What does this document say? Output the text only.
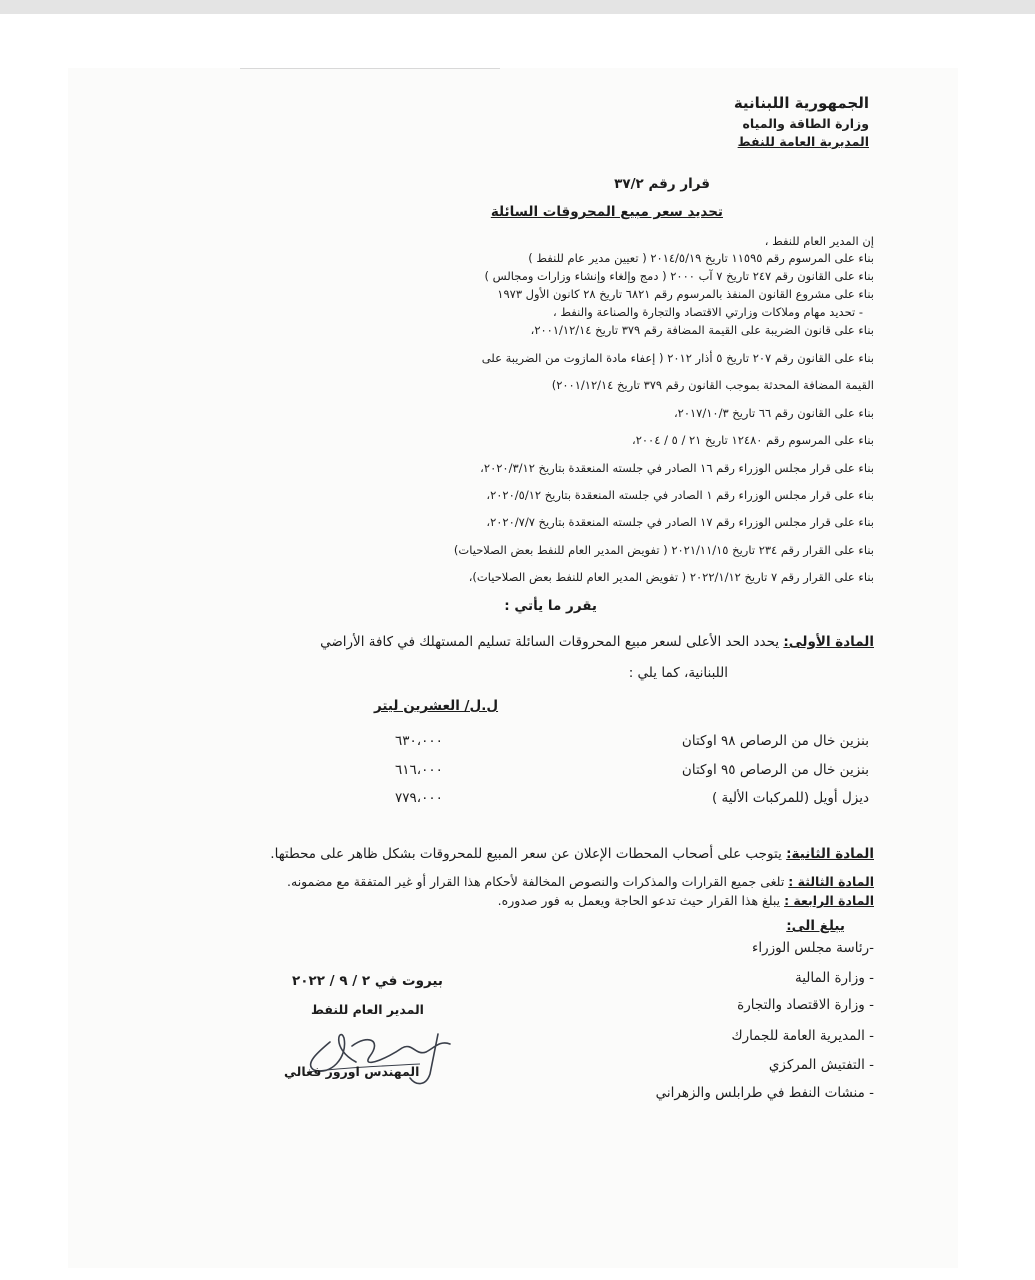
الجمهورية اللبنانية

وزارة الطاقة والمياه

المديرية العامة للنفط

قرار رقم ٣٧/٢

تحديد سعر مبيع المحروقات السائلة

إن المدير العام للنفط ،

بناء على المرسوم رقم ١١٥٩٥ تاريخ ٢٠١٤/٥/١٩ ( تعيين مدير عام للنفط )

بناء على القانون رقم ٢٤٧ تاريخ ٧ آب ٢٠٠٠ ( دمج وإلغاء وإنشاء وزارات ومجالس )

بناء على مشروع القانون المنفذ بالمرسوم رقم ٦٨٢١ تاريخ ٢٨ كانون الأول ١٩٧٣

- تحديد مهام وملاكات وزارتي الاقتصاد والتجارة والصناعة والنفط ،

بناء على قانون الضريبة على القيمة المضافة رقم ٣٧٩ تاريخ ٢٠٠١/١٢/١٤،

بناء على القانون رقم ٢٠٧ تاريخ ٥ أذار ٢٠١٢ ( إعفاء مادة المازوت من الضريبة على

القيمة المضافة المحدثة بموجب القانون رقم ٣٧٩ تاريخ ٢٠٠١/١٢/١٤)

بناء على القانون رقم ٦٦ تاريخ ٢٠١٧/١٠/٣،

بناء على المرسوم رقم ١٢٤٨٠ تاريخ ٢١ / ٥ / ٢٠٠٤،

بناء على قرار مجلس الوزراء رقم ١٦ الصادر في جلسته المنعقدة بتاريخ ٢٠٢٠/٣/١٢،

بناء على قرار مجلس الوزراء رقم ١ الصادر في جلسته المنعقدة بتاريخ ٢٠٢٠/٥/١٢،

بناء على قرار مجلس الوزراء رقم ١٧ الصادر في جلسته المنعقدة بتاريخ ٢٠٢٠/٧/٧،

بناء على القرار رقم ٢٣٤ تاريخ ٢٠٢١/١١/١٥ ( تفويض المدير العام للنفط بعض الصلاحيات)

بناء على القرار رقم ٧ تاريخ ٢٠٢٢/١/١٢ ( تفويض المدير العام للنفط بعض الصلاحيات)،

يقرر ما يأتي :

المادة الأولى: يحدد الحد الأعلى لسعر مبيع المحروقات السائلة تسليم المستهلك في كافة الأراضي

اللبنانية، كما يلي :

ل.ل/ العشرين ليتر

بنزين خال من الرصاص ٩٨ اوكتان

٦٣٠،٠٠٠

بنزين خال من الرصاص ٩٥ اوكتان

٦١٦،٠٠٠

ديزل أويل (للمركبات الألية )

٧٧٩،٠٠٠

المادة الثانية: يتوجب على أصحاب المحطات الإعلان عن سعر المبيع للمحروقات بشكل ظاهر على محطتها.

المادة الثالثة : تلغى جميع القرارات والمذكرات والنصوص المخالفة لأحكام هذا القرار أو غير المتفقة مع مضمونه.

المادة الرابعة : يبلغ هذا القرار حيث تدعو الحاجة ويعمل به فور صدوره.

يبلغ الى:

-رئاسة مجلس الوزراء

- وزارة المالية

- وزارة الاقتصاد والتجارة

- المديرية العامة للجمارك

- التفتيش المركزي

- منشات النفط في طرابلس والزهراني

بيروت في ٢ / ٩ / ٢٠٢٢

المدير العام للنفط

المهندس اورور فغالي
